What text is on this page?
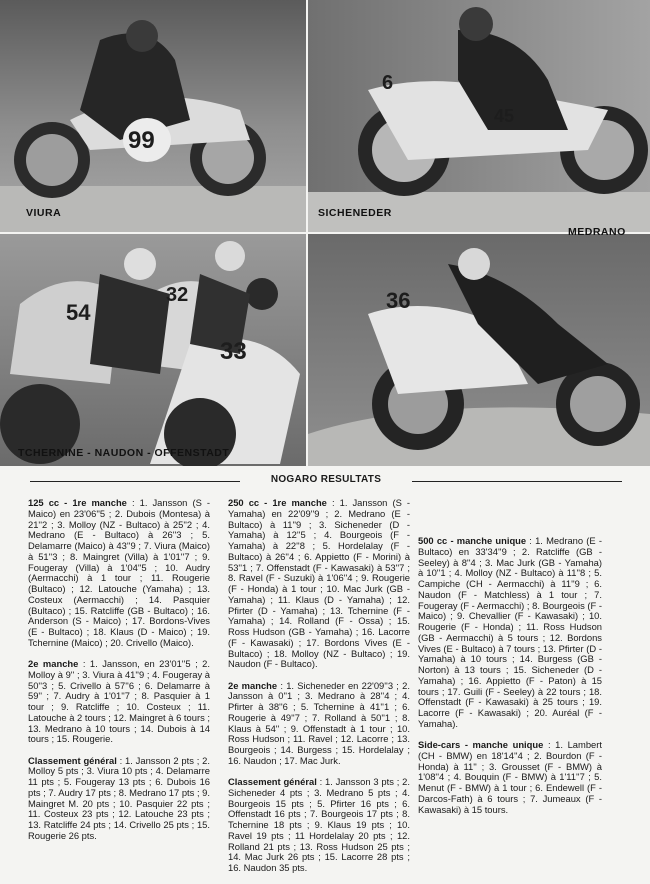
99
6
45
54
32
33
36
VIURA	SICHENEDER
MEDRANO
TCHERNINE - NAUDON - OFFENSTADT
NOGARO RESULTATS

125 cc - 1re manche : 1. Jansson (S - Maico) en 23'06''5 ; 2. Dubois (Montesa) à 21''2 ; 3. Molloy (NZ - Bultaco) à 25''2 ; 4. Medrano (E - Bultaco) à 26''3 ; 5. Delamarre (Maico) à 43''9 ; 7. Viura (Maico) à 51''3 ; 8. Maingret (Villa) à 1'01''7 ; 9. Fougeray (Villa) à 1'04''5 ; 10. Audry (Aermacchi) à 1 tour ; 11. Rougerie (Bultaco) ; 12. Latouche (Yamaha) ; 13. Costeux (Aermacchi) ; 14. Pasquier (Bultaco) ; 15. Ratcliffe (GB - Bultaco) ; 16. Anderson (S - Maico) ; 17. Bordons-Vives (E - Bultaco) ; 18. Klaus (D - Maico) ; 19. Tchernine (Maico) ; 20. Crivello (Maico).

2e manche : 1. Jansson, en 23'01''5 ; 2. Molloy à 9'' ; 3. Viura à 41''9 ; 4. Fougeray à 50''3 ; 5. Crivello à 57''6 ; 6. Delamarre à 59'' ; 7. Audry à 1'01''7 ; 8. Pasquier à 1 tour ; 9. Ratcliffe ; 10. Costeux ; 11. Latouche à 2 tours ; 12. Maingret à 6 tours ; 13. Medrano à 10 tours ; 14. Dubois à 14 tours ; 15. Rougerie.

Classement général : 1. Jansson 2 pts ; 2. Molloy 5 pts ; 3. Viura 10 pts ; 4. Delamarre 11 pts ; 5. Fougeray 13 pts ; 6. Dubois 16 pts ; 7. Audry 17 pts ; 8. Medrano 17 pts ; 9. Maingret M. 20 pts ; 10. Pasquier 22 pts ; 11. Costeux 23 pts ; 12. Latouche 23 pts ; 13. Ratcliffe 24 pts ; 14. Crivello 25 pts ; 15. Rougerie 26 pts.

250 cc - 1re manche : 1. Jansson (S - Yamaha) en 22'09''9 ; 2. Medrano (E - Bultaco) à 11''9 ; 3. Sicheneder (D - Yamaha) à 12''5 ; 4. Bourgeois (F - Yamaha) à 22''8 ; 5. Hordelalay (F - Bultaco) à 26''4 ; 6. Appietto (F - Morini) à 53''1 ; 7. Offenstadt (F - Kawasaki) à 53''7 ; 8. Ravel (F - Suzuki) à 1'06''4 ; 9. Rougerie (F - Honda) à 1 tour ; 10. Mac Jurk (GB - Yamaha) ; 11. Klaus (D - Yamaha) ; 12. Pfirter (D - Yamaha) ; 13. Tchernine (F - Yamaha) ; 14. Rolland (F - Ossa) ; 15. Ross Hudson (GB - Yamaha) ; 16. Lacorre (F - Kawasaki) ; 17. Bordons Vives (E - Bultaco) ; 18. Molloy (NZ - Bultaco) ; 19. Naudon (F - Bultaco).

2e manche : 1. Sicheneder en 22'09''3 ; 2. Jansson à 0''1 ; 3. Medrano à 28''4 ; 4. Pfirter à 38''6 ; 5. Tchernine à 41''1 ; 6. Rougerie à 49''7 ; 7. Rolland à 50''1 ; 8. Klaus à 54'' ; 9. Offenstadt à 1 tour ; 10. Ross Hudson ; 11. Ravel ; 12. Lacorre ; 13. Bourgeois ; 14. Burgess ; 15. Hordelalay ; 16. Naudon ; 17. Mac Jurk.

Classement général : 1. Jansson 3 pts ; 2. Sicheneder 4 pts ; 3. Medrano 5 pts ; 4. Bourgeois 15 pts ; 5. Pfirter 16 pts ; 6. Offenstadt 16 pts ; 7. Bourgeois 17 pts ; 8. Tchernine 18 pts ; 9. Klaus 19 pts ; 10. Ravel 19 pts ; 11 Hordelalay 20 pts ; 12. Rolland 21 pts ; 13. Ross Hudson 25 pts ; 14. Mac Jurk 26 pts ; 15. Lacorre 28 pts ; 16. Naudon 35 pts.

500 cc - manche unique : 1. Medrano (E - Bultaco) en 33'34''9 ; 2. Ratcliffe (GB - Seeley) à 8''4 ; 3. Mac Jurk (GB - Yamaha) à 10''1 ; 4. Molloy (NZ - Bultaco) à 11''8 ; 5. Campiche (CH - Aermacchi) à 11''9 ; 6. Naudon (F - Matchless) à 1 tour ; 7. Fougeray (F - Aermacchi) ; 8. Bourgeois (F - Maico) ; 9. Chevallier (F - Kawasaki) ; 10. Rougerie (F - Honda) ; 11. Ross Hudson (GB - Aermacchi) à 5 tours ; 12. Bordons Vives (E - Bultaco) à 7 tours ; 13. Pfirter (D - Yamaha) à 10 tours ; 14. Burgess (GB - Norton) à 13 tours ; 15. Sicheneder (D - Yamaha) ; 16. Appietto (F - Paton) à 15 tours ; 17. Guili (F - Seeley) à 22 tours ; 18. Offenstadt (F - Kawasaki) à 25 tours ; 19. Lacorre (F - Kawasaki) ; 20. Auréal (F - Yamaha).

Side-cars - manche unique : 1. Lambert (CH - BMW) en 18'14''4 ; 2. Bourdon (F - Honda) à 11'' ; 3. Grousset (F - BMW) à 1'08''4 ; 4. Bouquin (F - BMW) à 1'11''7 ; 5. Menut (F - BMW) à 1 tour ; 6. Endewell (F - Darcos-Fath) à 6 tours ; 7. Jumeaux (F - Kawasaki) à 15 tours.
